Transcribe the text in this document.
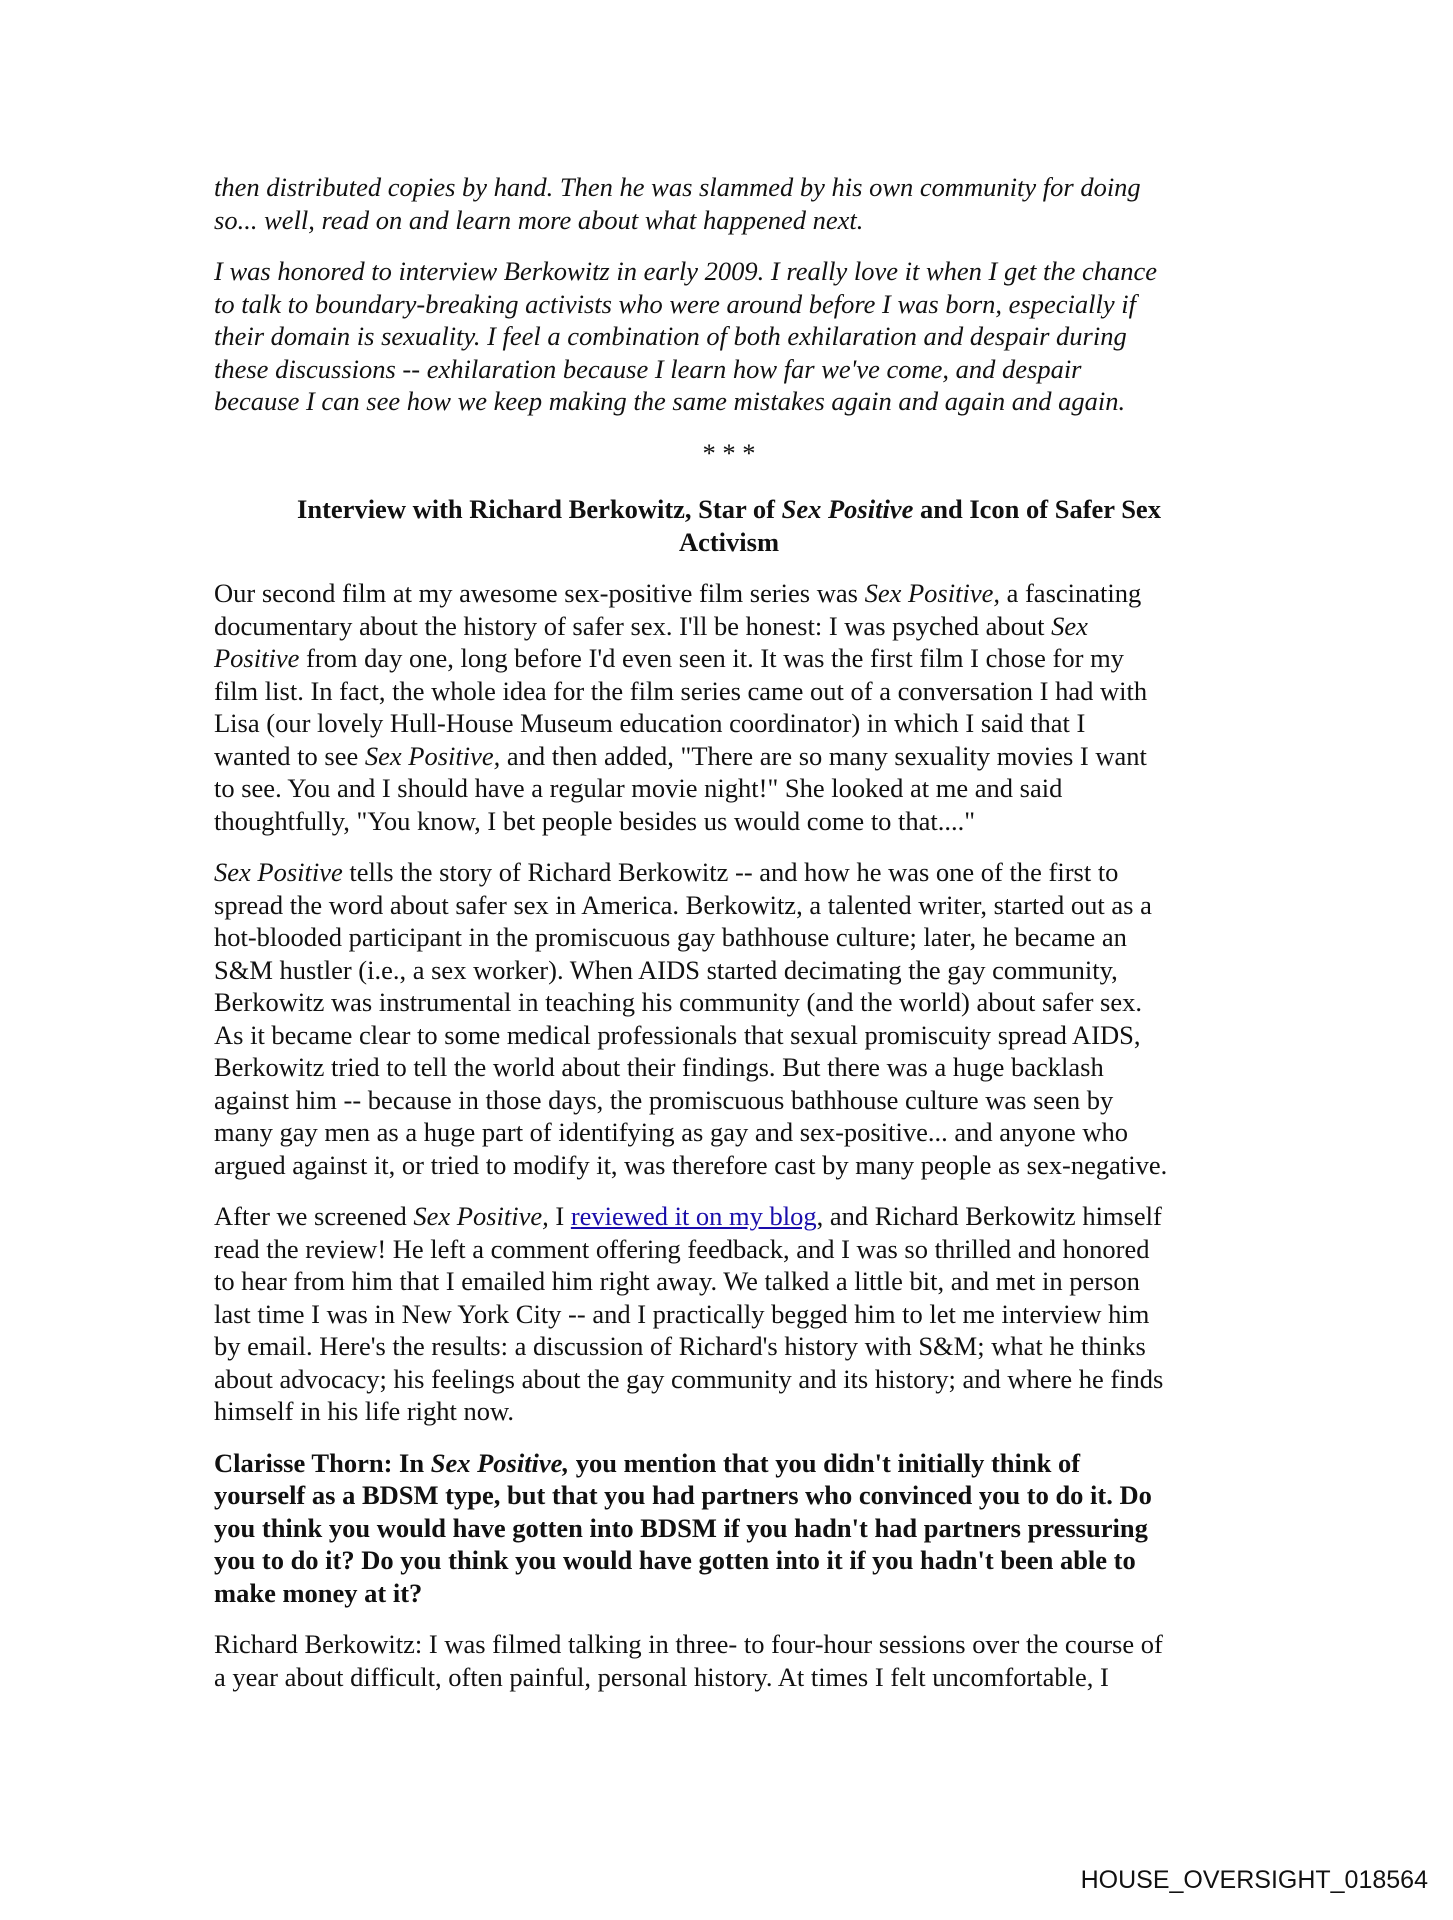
then distributed copies by hand. Then he was slammed by his own community for doing
so... well, read on and learn more about what happened next.
I was honored to interview Berkowitz in early 2009. I really love it when I get the chance
to talk to boundary-breaking activists who were around before I was born, especially if
their domain is sexuality. I feel a combination of both exhilaration and despair during
these discussions -- exhilaration because I learn how far we've come, and despair
because I can see how we keep making the same mistakes again and again and again.
* * *
Interview with Richard Berkowitz, Star of Sex Positive and Icon of Safer Sex
Activism
Our second film at my awesome sex-positive film series was Sex Positive, a fascinating
documentary about the history of safer sex. I'll be honest: I was psyched about Sex
Positive from day one, long before I'd even seen it. It was the first film I chose for my
film list. In fact, the whole idea for the film series came out of a conversation I had with
Lisa (our lovely Hull-House Museum education coordinator) in which I said that I
wanted to see Sex Positive, and then added, "There are so many sexuality movies I want
to see. You and I should have a regular movie night!" She looked at me and said
thoughtfully, "You know, I bet people besides us would come to that...."
Sex Positive tells the story of Richard Berkowitz -- and how he was one of the first to
spread the word about safer sex in America. Berkowitz, a talented writer, started out as a
hot-blooded participant in the promiscuous gay bathhouse culture; later, he became an
S&M hustler (i.e., a sex worker). When AIDS started decimating the gay community,
Berkowitz was instrumental in teaching his community (and the world) about safer sex.
As it became clear to some medical professionals that sexual promiscuity spread AIDS,
Berkowitz tried to tell the world about their findings. But there was a huge backlash
against him -- because in those days, the promiscuous bathhouse culture was seen by
many gay men as a huge part of identifying as gay and sex-positive... and anyone who
argued against it, or tried to modify it, was therefore cast by many people as sex-negative.
After we screened Sex Positive, I reviewed it on my blog, and Richard Berkowitz himself
read the review! He left a comment offering feedback, and I was so thrilled and honored
to hear from him that I emailed him right away. We talked a little bit, and met in person
last time I was in New York City -- and I practically begged him to let me interview him
by email. Here's the results: a discussion of Richard's history with S&M; what he thinks
about advocacy; his feelings about the gay community and its history; and where he finds
himself in his life right now.
Clarisse Thorn: In Sex Positive, you mention that you didn't initially think of
yourself as a BDSM type, but that you had partners who convinced you to do it. Do
you think you would have gotten into BDSM if you hadn't had partners pressuring
you to do it? Do you think you would have gotten into it if you hadn't been able to
make money at it?
Richard Berkowitz: I was filmed talking in three- to four-hour sessions over the course of
a year about difficult, often painful, personal history. At times I felt uncomfortable, I
HOUSE_OVERSIGHT_018564
